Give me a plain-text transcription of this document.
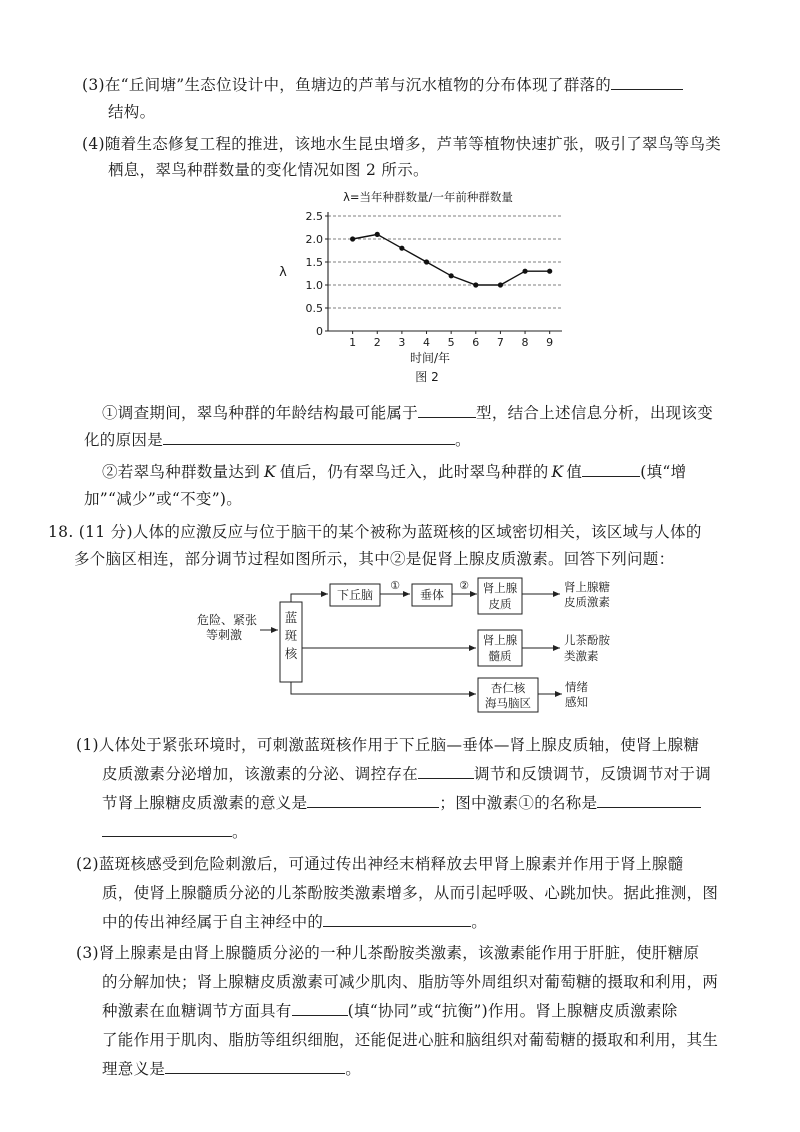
(3)在“丘间塘”生态位设计中，鱼塘边的芦苇与沉水植物的分布体现了群落的
结构。
(4)随着生态修复工程的推进，该地水生昆虫增多，芦苇等植物快速扩张，吸引了翠鸟等鸟类
栖息，翠鸟种群数量的变化情况如图 2 所示。
λ=当年种群数量/一年前种群数量
λ
时间/年
图 2
0
0.5
1.0
1.5
2.0
2.5
1 2 3 4 5 6 7 8 9
①调查期间，翠鸟种群的年龄结构最可能属于	型，结合上述信息分析，出现该变
化的原因是	。
②若翠鸟种群数量达到 K 值后，仍有翠鸟迁入，此时翠鸟种群的 K 值	(填“增
加”“减少”或“不变”)。
18. (11 分)人体的应激反应与位于脑干的某个被称为蓝斑核的区域密切相关，该区域与人体的
多个脑区相连，部分调节过程如图所示，其中②是促肾上腺皮质激素。回答下列问题：
危险、紧张
等刺激
蓝
斑
核
下丘脑
①
垂体
② 肾上腺
皮质
肾上腺糖
皮质激素
肾上腺
髓质
儿茶酚胺
类激素
杏仁核
海马脑区
情绪
感知
(1)人体处于紧张环境时，可刺激蓝斑核作用于下丘脑—垂体—肾上腺皮质轴，使肾上腺糖
皮质激素分泌增加，该激素的分泌、调控存在	调节和反馈调节，反馈调节对于调
节肾上腺糖皮质激素的意义是	；图中激素①的名称是
。
(2)蓝斑核感受到危险刺激后，可通过传出神经末梢释放去甲肾上腺素并作用于肾上腺髓
质，使肾上腺髓质分泌的儿茶酚胺类激素增多，从而引起呼吸、心跳加快。据此推测，图
中的传出神经属于自主神经中的	。
(3)肾上腺素是由肾上腺髓质分泌的一种儿茶酚胺类激素，该激素能作用于肝脏，使肝糖原
的分解加快；肾上腺糖皮质激素可减少肌肉、脂肪等外周组织对葡萄糖的摄取和利用，两
种激素在血糖调节方面具有	(填“协同”或“抗衡”)作用。肾上腺糖皮质激素除
了能作用于肌肉、脂肪等组织细胞，还能促进心脏和脑组织对葡萄糖的摄取和利用，其生
理意义是	。
